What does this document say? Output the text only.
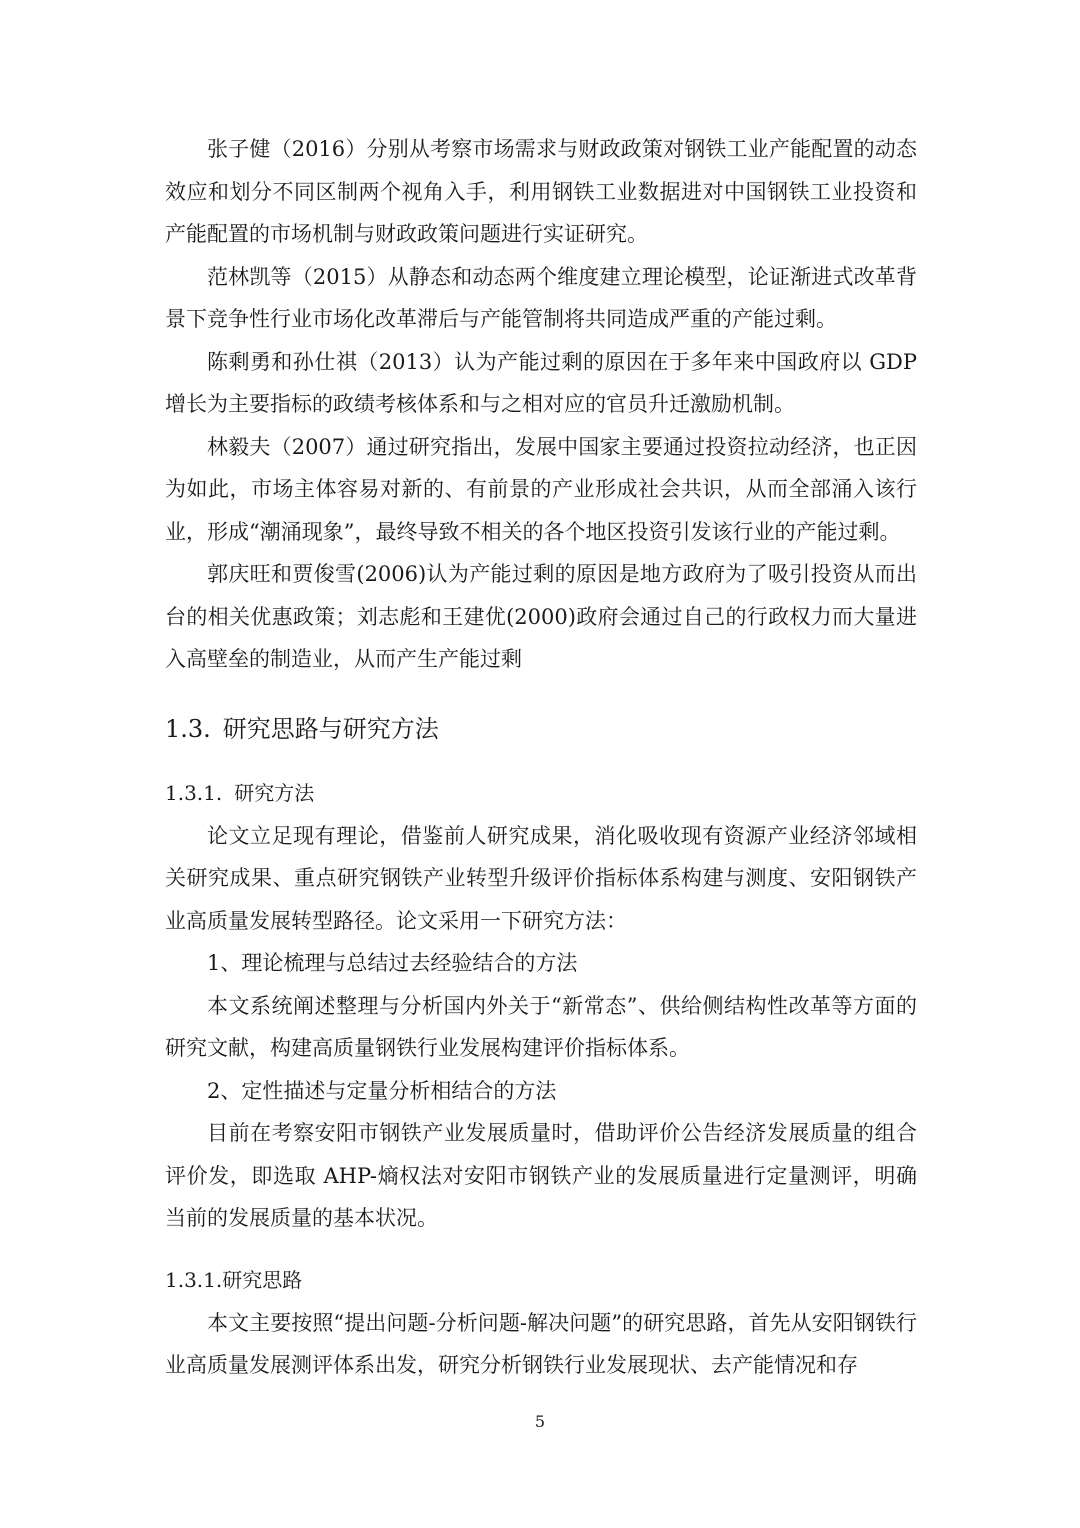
张子健（2016）分别从考察市场需求与财政政策对钢铁工业产能配置的动态效应和划分不同区制两个视角入手，利用钢铁工业数据进对中国钢铁工业投资和产能配置的市场机制与财政政策问题进行实证研究。

范林凯等（2015）从静态和动态两个维度建立理论模型，论证渐进式改革背景下竞争性行业市场化改革滞后与产能管制将共同造成严重的产能过剩。

陈剩勇和孙仕祺（2013）认为产能过剩的原因在于多年来中国政府以 GDP 增长为主要指标的政绩考核体系和与之相对应的官员升迁激励机制。

林毅夫（2007）通过研究指出，发展中国家主要通过投资拉动经济，也正因为如此，市场主体容易对新的、有前景的产业形成社会共识，从而全部涌入该行业，形成“潮涌现象”，最终导致不相关的各个地区投资引发该行业的产能过剩。

郭庆旺和贾俊雪(2006)认为产能过剩的原因是地方政府为了吸引投资从而出台的相关优惠政策；刘志彪和王建优(2000)政府会通过自己的行政权力而大量进入高壁垒的制造业，从而产生产能过剩

1.3. 研究思路与研究方法
1.3.1. 研究方法

论文立足现有理论，借鉴前人研究成果，消化吸收现有资源产业经济邻域相关研究成果、重点研究钢铁产业转型升级评价指标体系构建与测度、安阳钢铁产业高质量发展转型路径。论文采用一下研究方法：

1、理论梳理与总结过去经验结合的方法

本文系统阐述整理与分析国内外关于“新常态”、供给侧结构性改革等方面的研究文献，构建高质量钢铁行业发展构建评价指标体系。

2、定性描述与定量分析相结合的方法

目前在考察安阳市钢铁产业发展质量时，借助评价公告经济发展质量的组合评价发，即选取 AHP-熵权法对安阳市钢铁产业的发展质量进行定量测评，明确当前的发展质量的基本状况。

1.3.1.研究思路

本文主要按照“提出问题-分析问题-解决问题”的研究思路，首先从安阳钢铁行业高质量发展测评体系出发，研究分析钢铁行业发展现状、去产能情况和存

5
